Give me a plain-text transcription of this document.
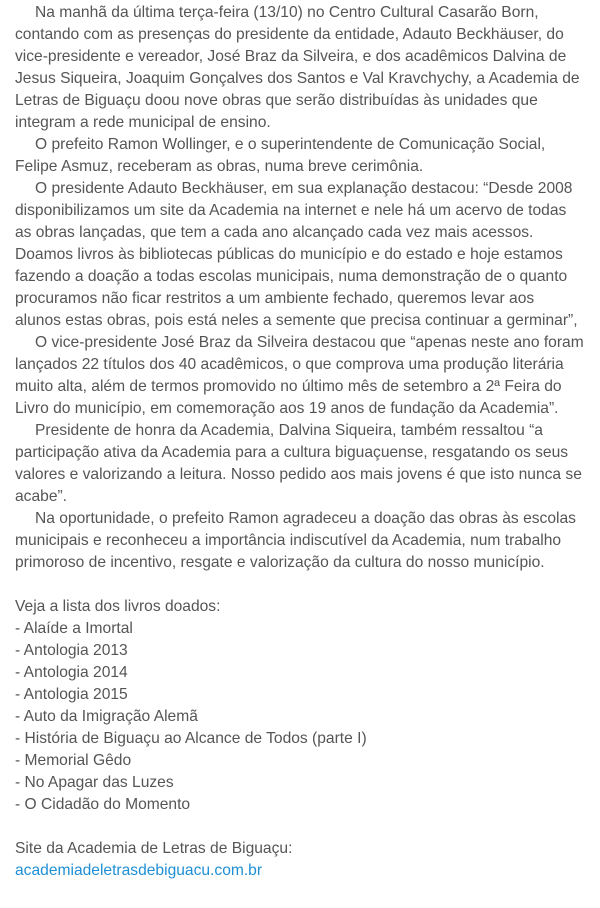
Na manhã da última terça-feira (13/10) no Centro Cultural Casarão Born, contando com as presenças do presidente da entidade, Adauto Beckhäuser, do vice-presidente e vereador, José Braz da Silveira, e dos acadêmicos Dalvina de Jesus Siqueira, Joaquim Gonçalves dos Santos e Val Kravchychy, a Academia de Letras de Biguaçu doou nove obras que serão distribuídas às unidades que integram a rede municipal de ensino.

O prefeito Ramon Wollinger, e o superintendente de Comunicação Social, Felipe Asmuz, receberam as obras, numa breve cerimônia.

O presidente Adauto Beckhäuser, em sua explanação destacou: “Desde 2008 disponibilizamos um site da Academia na internet e nele há um acervo de todas as obras lançadas, que tem a cada ano alcançado cada vez mais acessos. Doamos livros às bibliotecas públicas do município e do estado e hoje estamos fazendo a doação a todas escolas municipais, numa demonstração de o quanto procuramos não ficar restritos a um ambiente fechado, queremos levar aos alunos estas obras, pois está neles a semente que precisa continuar a germinar”,

O vice-presidente José Braz da Silveira destacou que “apenas neste ano foram lançados 22 títulos dos 40 acadêmicos, o que comprova uma produção literária muito alta, além de termos promovido no último mês de setembro a 2ª Feira do Livro do município, em comemoração aos 19 anos de fundação da Academia”.

Presidente de honra da Academia, Dalvina Siqueira, também ressaltou “a participação ativa da Academia para a cultura biguaçuense, resgatando os seus valores e valorizando a leitura. Nosso pedido aos mais jovens é que isto nunca se acabe”.

Na oportunidade, o prefeito Ramon agradeceu a doação das obras às escolas municipais e reconheceu a importância indiscutível da Academia, num trabalho primoroso de incentivo, resgate e valorização da cultura do nosso município.

Veja a lista dos livros doados:

- Alaíde a Imortal
- Antologia 2013
- Antologia 2014
- Antologia 2015
- Auto da Imigração Alemã
- História de Biguaçu ao Alcance de Todos (parte I)
- Memorial Gêdo
- No Apagar das Luzes
- O Cidadão do Momento

Site da Academia de Letras de Biguaçu:

academiadeletrasdebiguacu.com.br
